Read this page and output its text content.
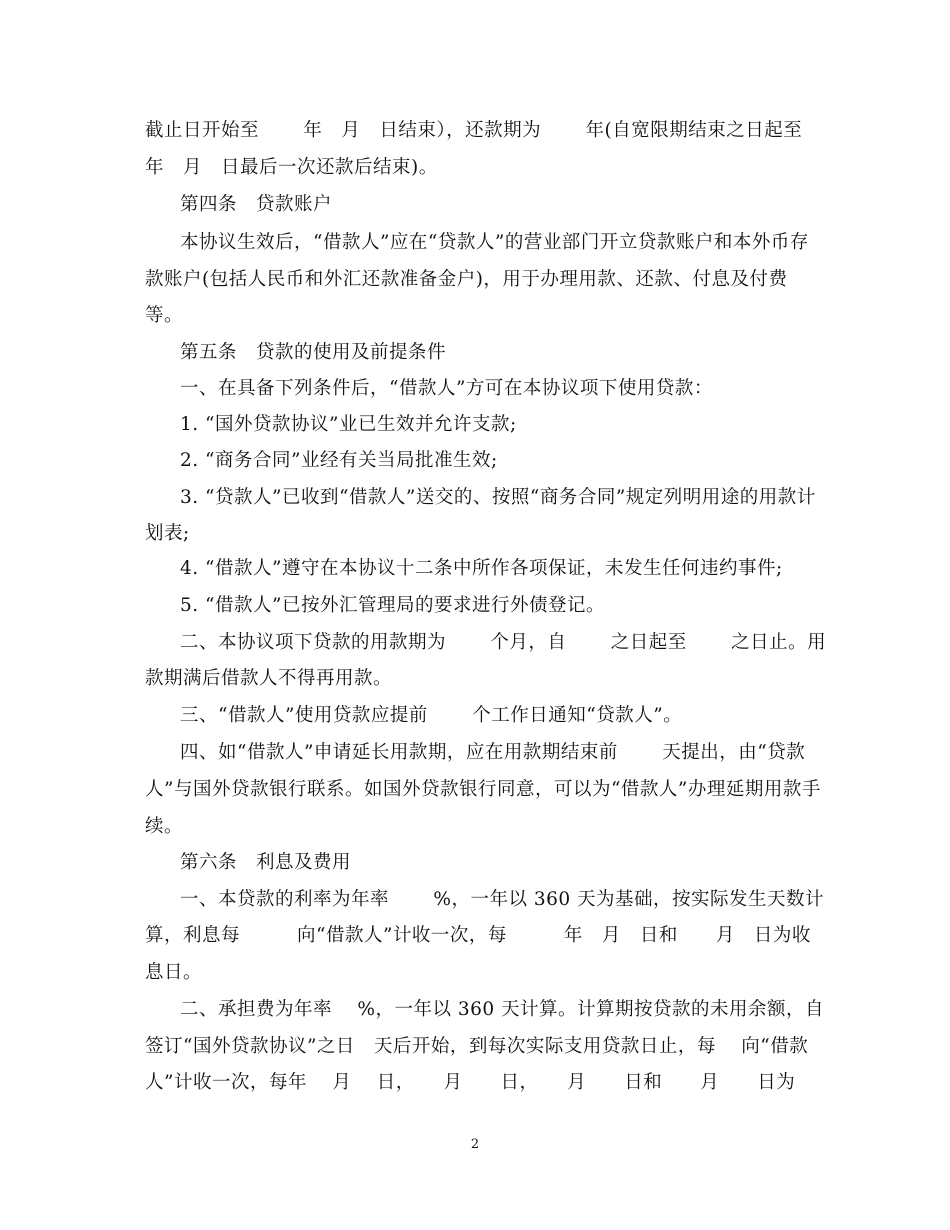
截止日开始至　　 年　月　日结束），还款期为　　 年(自宽限期结束之日起至
年　月　日最后一次还款后结束)。
第四条　贷款账户
本协议生效后，“借款人”应在“贷款人”的营业部门开立贷款账户和本外币存
款账户(包括人民币和外汇还款准备金户)，用于办理用款、还款、付息及付费
等。
第五条　贷款的使用及前提条件
一、在具备下列条件后，“借款人”方可在本协议项下使用贷款：
1. “国外贷款协议”业已生效并允许支款;
2. “商务合同”业经有关当局批准生效;
3. “贷款人”已收到“借款人”送交的、按照“商务合同”规定列明用途的用款计
划表;
4. “借款人”遵守在本协议十二条中所作各项保证，未发生任何违约事件;
5. “借款人”已按外汇管理局的要求进行外债登记。
二、本协议项下贷款的用款期为　　 个月，自　　 之日起至　　 之日止。用
款期满后借款人不得再用款。
三、“借款人”使用贷款应提前　　 个工作日通知“贷款人”。
四、如“借款人”申请延长用款期，应在用款期结束前　　 天提出，由“贷款
人”与国外贷款银行联系。如国外贷款银行同意，可以为“借款人”办理延期用款手
续。
第六条　利息及费用
一、本贷款的利率为年率　　 %，一年以 360 天为基础，按实际发生天数计
算，利息每　　　向“借款人”计收一次，每　　　年　月　日和　　月　日为收
息日。
二、承担费为年率　 %，一年以 360 天计算。计算期按贷款的未用余额，自
签订“国外贷款协议”之日　天后开始，到每次实际支用贷款日止，每　 向“借款
人”计收一次，每年　 月　 日，　　月　　日，　　月　　日和　　月　　日为
2
